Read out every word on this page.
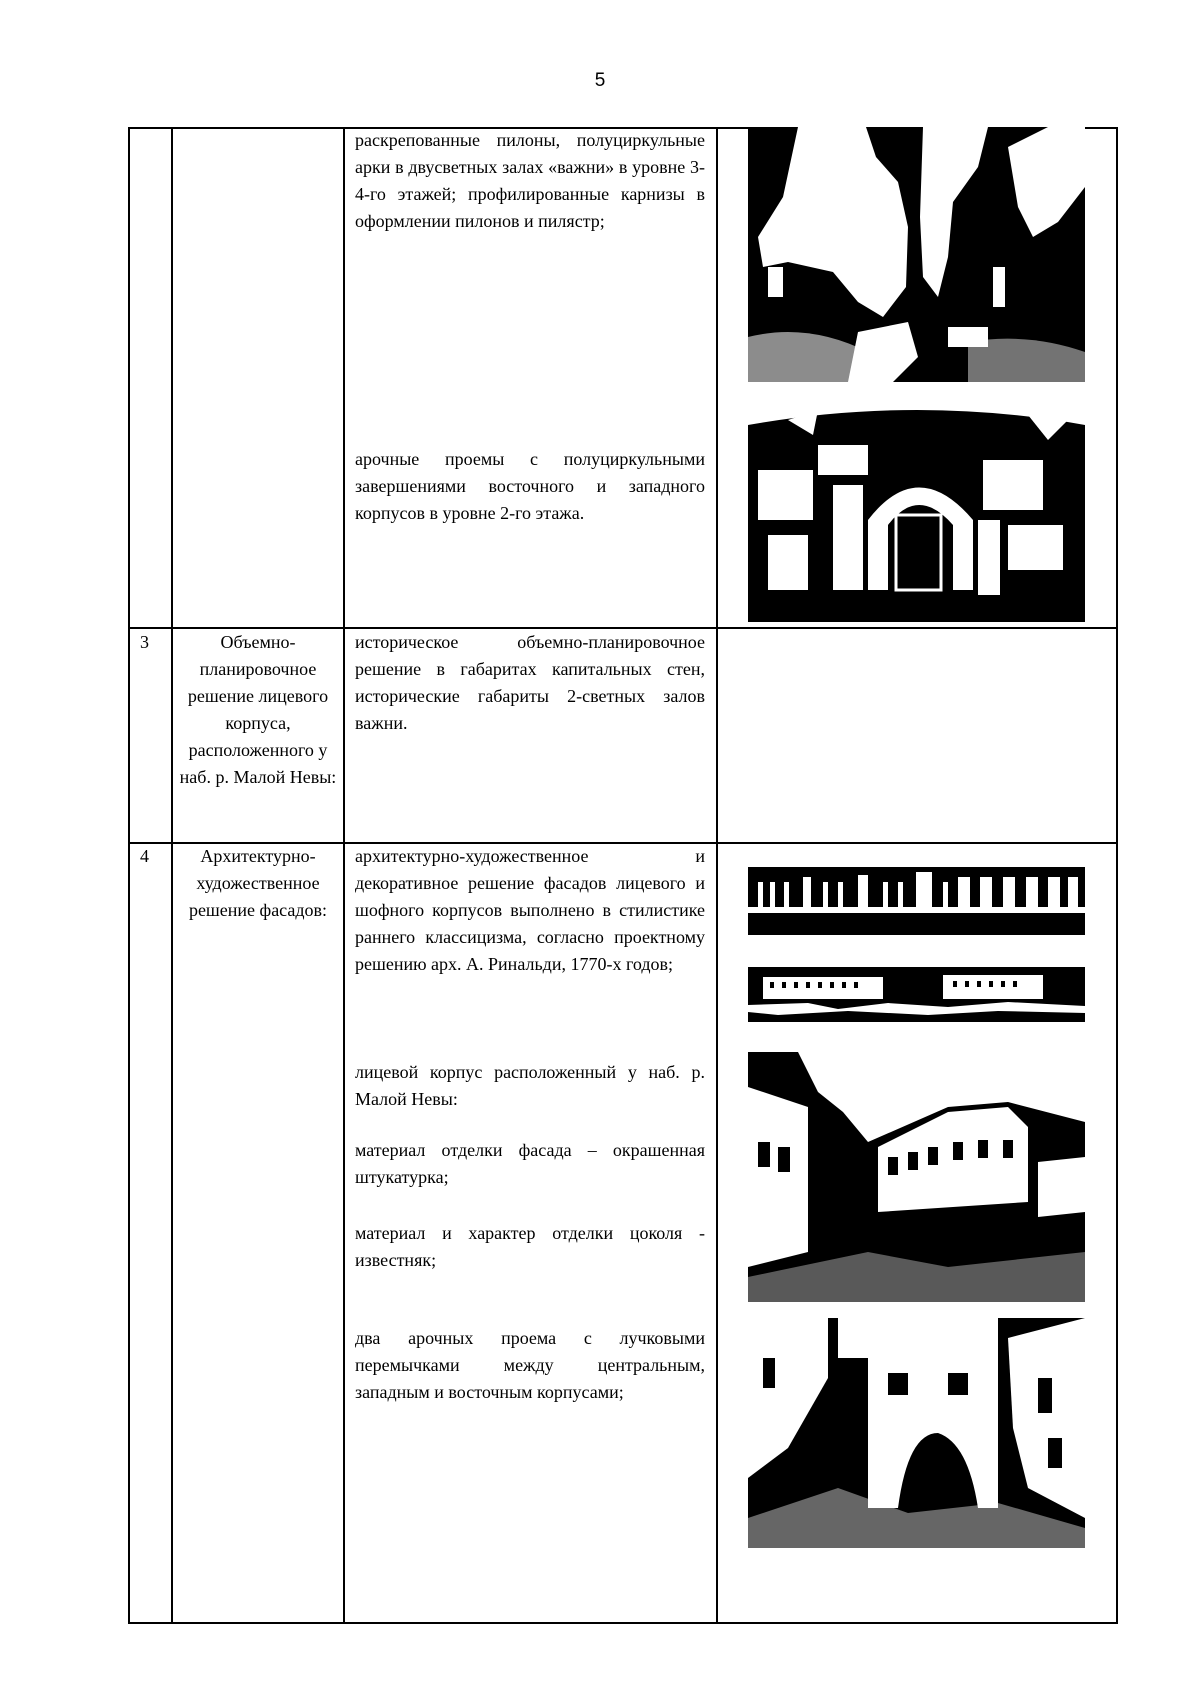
5
раскрепованные пилоны, полуциркульные арки в двусветных залах «важни» в уровне 3-4-го этажей; профилированные карнизы в оформлении пилонов и пилястр;
арочные проемы с полуциркульными завершениями восточного и западного корпусов в уровне 2-го этажа.
3	Объемно-планировочное решение лицевого корпуса, расположенного у наб. р. Малой Невы:
историческое объемно-планировочное решение в габаритах капитальных стен, исторические габариты 2-светных залов важни.
4	Архитектурно-художественное решение фасадов:
архитектурно-художественное и декоративное решение фасадов лицевого и шофного корпусов выполнено в стилистике раннего классицизма, согласно проектному решению арх. А. Ринальди, 1770-х годов;
лицевой корпус расположенный у наб. р. Малой Невы:
материал отделки фасада – окрашенная штукатурка;
материал и характер отделки цоколя - известняк;
два арочных проема с лучковыми перемычками между центральным, западным и восточным корпусами;
